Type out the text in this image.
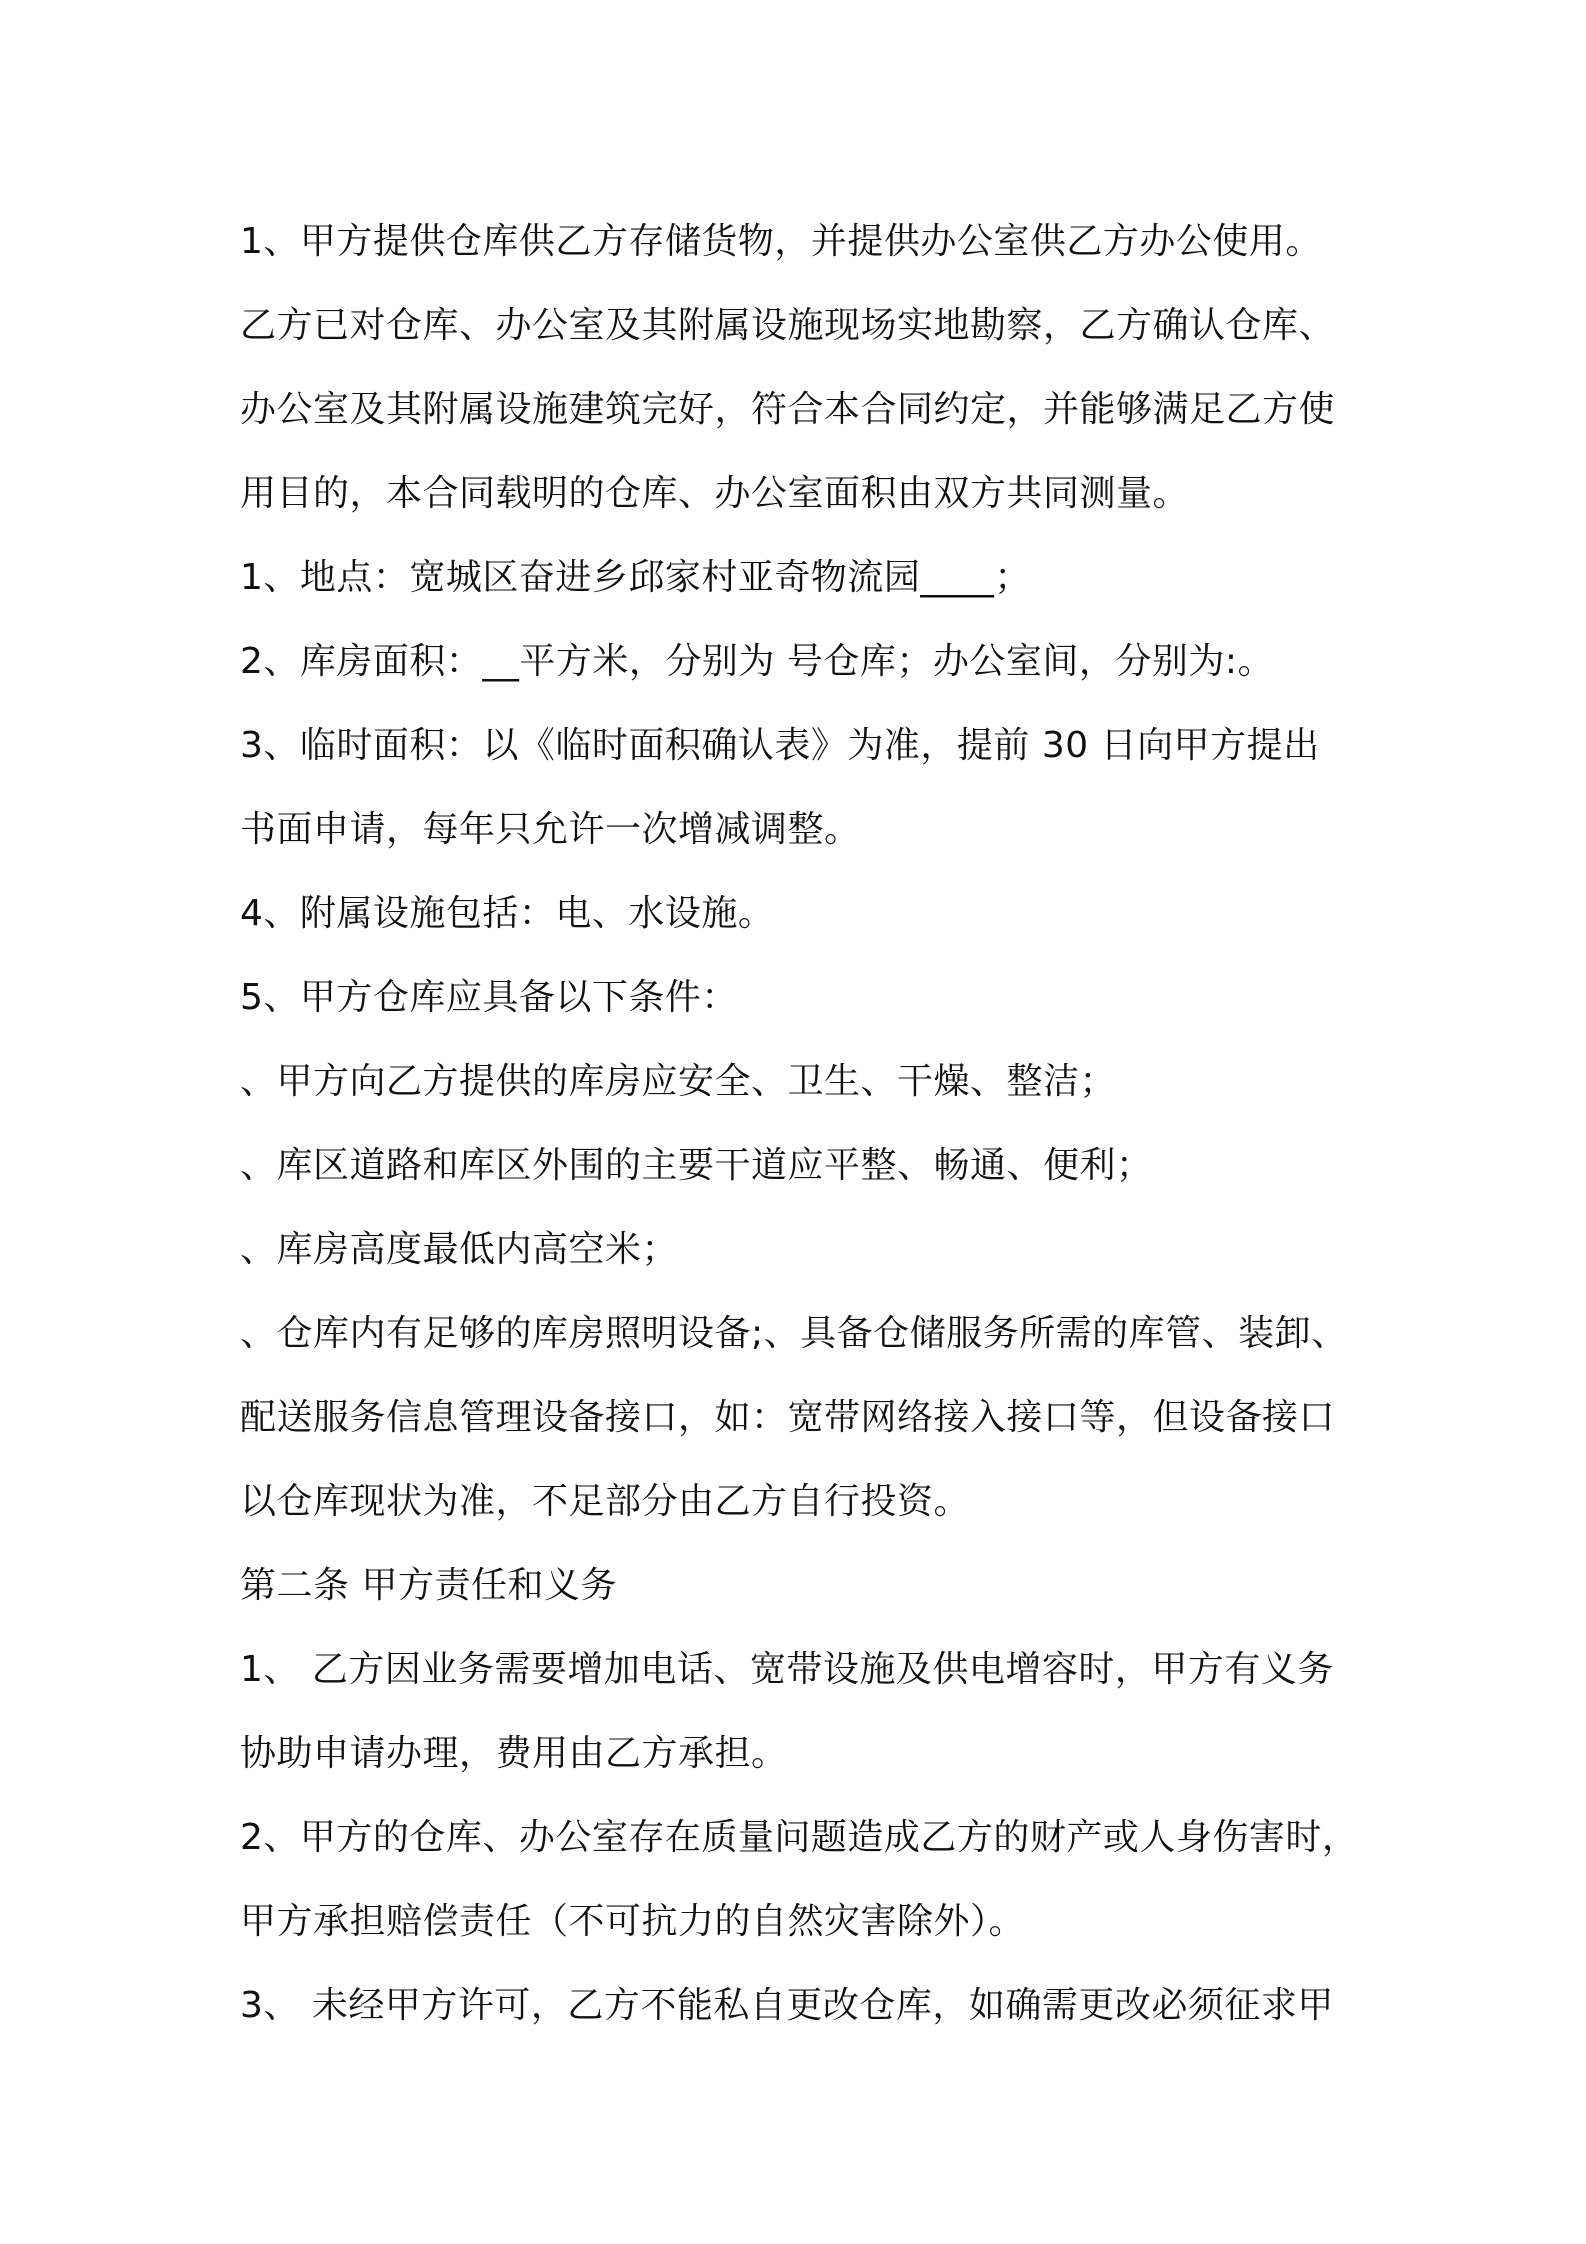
1、甲方提供仓库供乙方存储货物，并提供办公室供乙方办公使用。
乙方已对仓库、办公室及其附属设施现场实地勘察，乙方确认仓库、
办公室及其附属设施建筑完好，符合本合同约定，并能够满足乙方使
用目的，本合同载明的仓库、办公室面积由双方共同测量。
1、地点：宽城区奋进乡邱家村亚奇物流园____；
2、库房面积：__平方米，分别为 号仓库；办公室间，分别为:。
3、临时面积：以《临时面积确认表》为准，提前 30 日向甲方提出
书面申请，每年只允许一次增减调整。
4、附属设施包括：电、水设施。
5、甲方仓库应具备以下条件：
、甲方向乙方提供的库房应安全、卫生、干燥、整洁；
、库区道路和库区外围的主要干道应平整、畅通、便利；
、库房高度最低内高空米；
、仓库内有足够的库房照明设备;、具备仓储服务所需的库管、装卸、
配送服务信息管理设备接口，如：宽带网络接入接口等，但设备接口
以仓库现状为准，不足部分由乙方自行投资。
第二条 甲方责任和义务
1、 乙方因业务需要增加电话、宽带设施及供电增容时，甲方有义务
协助申请办理，费用由乙方承担。
2、甲方的仓库、办公室存在质量问题造成乙方的财产或人身伤害时，
甲方承担赔偿责任（不可抗力的自然灾害除外）。
3、 未经甲方许可，乙方不能私自更改仓库，如确需更改必须征求甲
